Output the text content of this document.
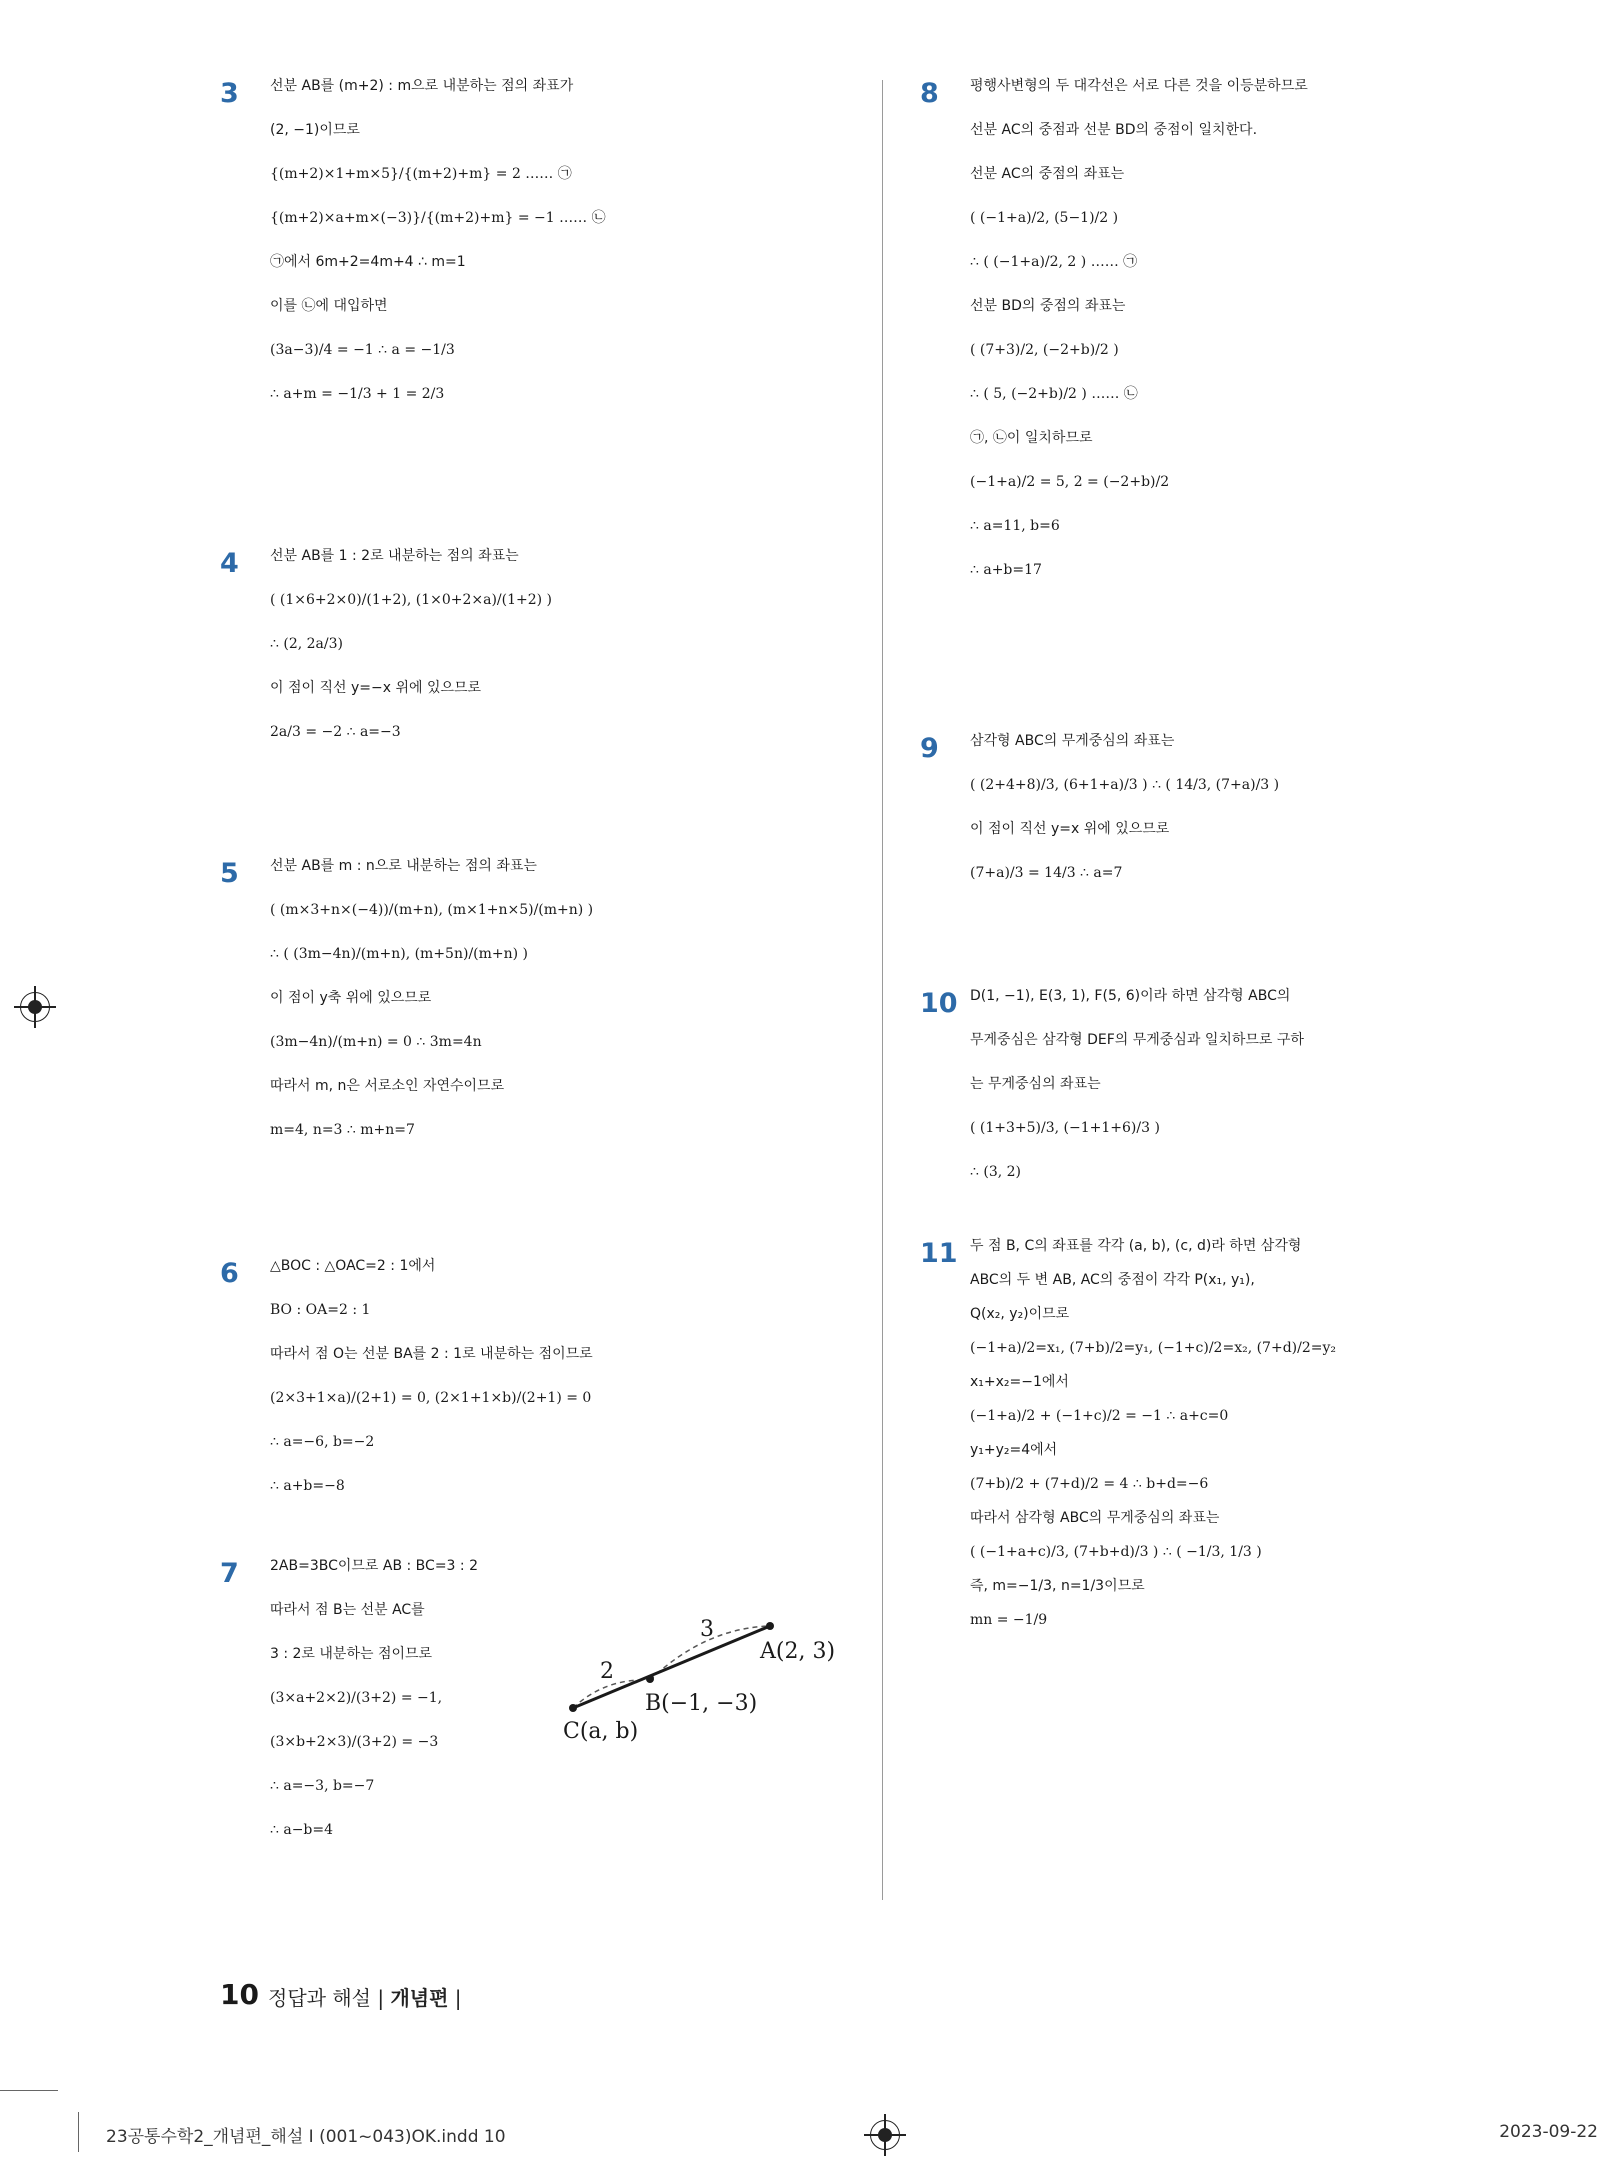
3 선분 AB를 (m+2) : m으로 내분하는 점의 좌표가
(2, −1)이므로
{(m+2)×1+m×5}/{(m+2)+m} = 2 …… ㉠
{(m+2)×a+m×(−3)}/{(m+2)+m} = −1 …… ㉡
㉠에서 6m+2=4m+4 ∴ m=1
이를 ㉡에 대입하면
(3a−3)/4 = −1 ∴ a = −1/3
∴ a+m = −1/3 + 1 = 2/3
4 선분 AB를 1 : 2로 내분하는 점의 좌표는
( (1×6+2×0)/(1+2), (1×0+2×a)/(1+2) )
∴ (2, 2a/3)
이 점이 직선 y=−x 위에 있으므로
2a/3 = −2 ∴ a=−3
5 선분 AB를 m : n으로 내분하는 점의 좌표는
( (m×3+n×(−4))/(m+n), (m×1+n×5)/(m+n) )
∴ ( (3m−4n)/(m+n), (m+5n)/(m+n) )
이 점이 y축 위에 있으므로
(3m−4n)/(m+n) = 0 ∴ 3m=4n
따라서 m, n은 서로소인 자연수이므로
m=4, n=3 ∴ m+n=7
6 △BOC : △OAC=2 : 1에서
BO : OA=2 : 1
따라서 점 O는 선분 BA를 2 : 1로 내분하는 점이므로
(2×3+1×a)/(2+1) = 0, (2×1+1×b)/(2+1) = 0
∴ a=−6, b=−2
∴ a+b=−8
7 2AB=3BC이므로 AB : BC=3 : 2
따라서 점 B는 선분 AC를
3 : 2로 내분하는 점이므로
(3×a+2×2)/(3+2) = −1,
(3×b+2×3)/(3+2) = −3
∴ a=−3, b=−7
∴ a−b=4
8 평행사변형의 두 대각선은 서로 다른 것을 이등분하므로
선분 AC의 중점과 선분 BD의 중점이 일치한다.
선분 AC의 중점의 좌표는
( (−1+a)/2, (5−1)/2 )
∴ ( (−1+a)/2, 2 ) …… ㉠
선분 BD의 중점의 좌표는
( (7+3)/2, (−2+b)/2 )
∴ ( 5, (−2+b)/2 ) …… ㉡
㉠, ㉡이 일치하므로
(−1+a)/2 = 5, 2 = (−2+b)/2
∴ a=11, b=6
∴ a+b=17
9 삼각형 ABC의 무게중심의 좌표는
( (2+4+8)/3, (6+1+a)/3 ) ∴ ( 14/3, (7+a)/3 )
이 점이 직선 y=x 위에 있으므로
(7+a)/3 = 14/3 ∴ a=7
10 D(1, −1), E(3, 1), F(5, 6)이라 하면 삼각형 ABC의
무게중심은 삼각형 DEF의 무게중심과 일치하므로 구하
는 무게중심의 좌표는
( (1+3+5)/3, (−1+1+6)/3 )
∴ (3, 2)
11 두 점 B, C의 좌표를 각각 (a, b), (c, d)라 하면 삼각형
ABC의 두 변 AB, AC의 중점이 각각 P(x₁, y₁),
Q(x₂, y₂)이므로
(−1+a)/2=x₁, (7+b)/2=y₁, (−1+c)/2=x₂, (7+d)/2=y₂
x₁+x₂=−1에서
(−1+a)/2 + (−1+c)/2 = −1 ∴ a+c=0
y₁+y₂=4에서
(7+b)/2 + (7+d)/2 = 4 ∴ b+d=−6
따라서 삼각형 ABC의 무게중심의 좌표는
( (−1+a+c)/3, (7+b+d)/3 ) ∴ ( −1/3, 1/3 )
즉, m=−1/3, n=1/3이므로
mn = −1/9
3
2
A(2, 3)
B(−1, −3)
C(a, b)
10 정답과 해설 | 개념편 |
23공통수학2_개념편_해설 I (001~043)OK.indd 10	2023-09-22
